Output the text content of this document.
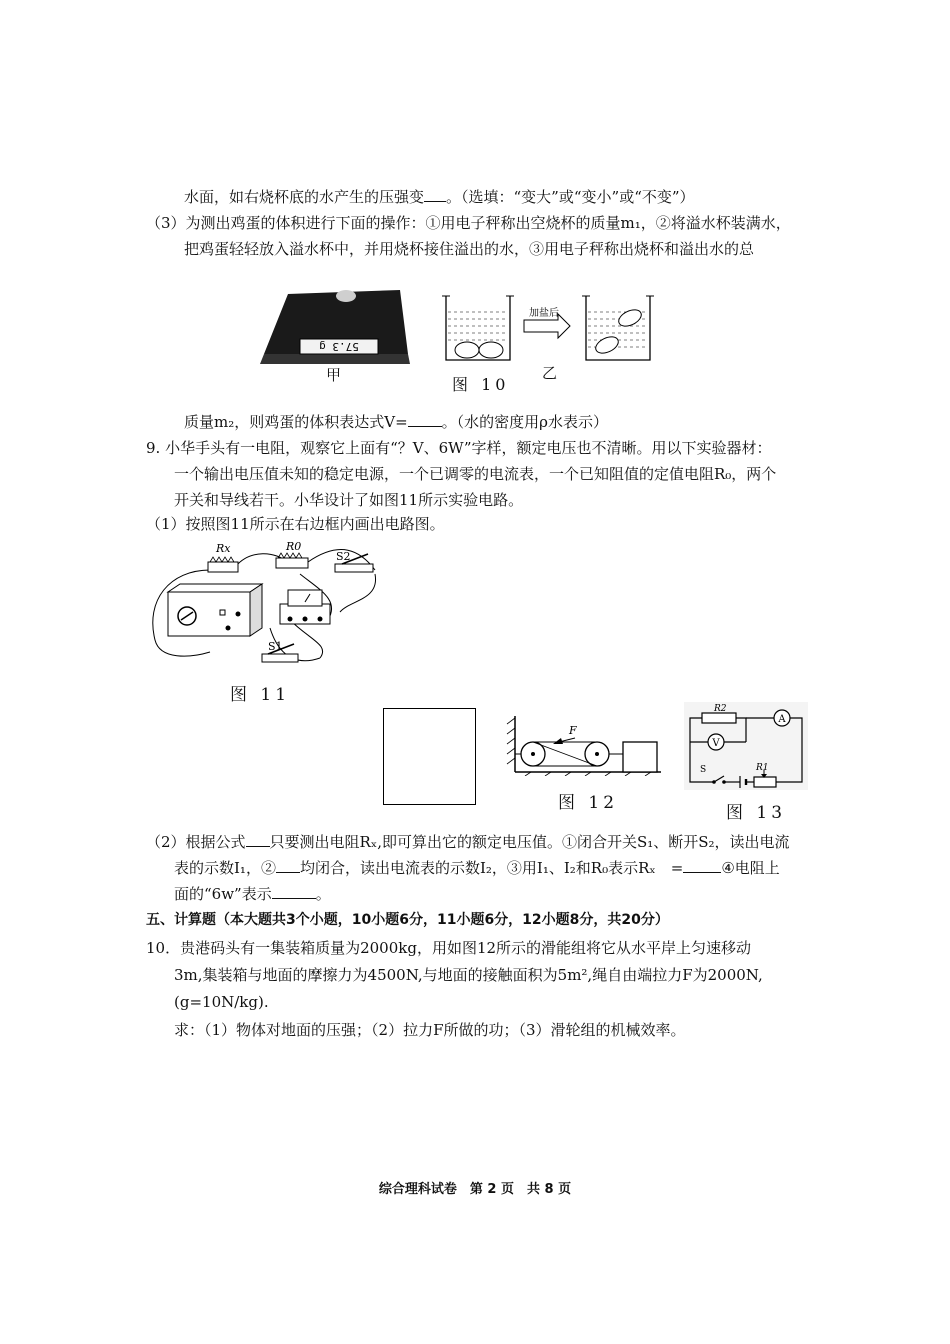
水面，如右烧杯底的水产生的压强变 。（选填：“变大”或“变小”或“不变”）
（3）为测出鸡蛋的体积进行下面的操作：①用电子秤称出空烧杯的质量m₁，②将溢水杯装满水，
把鸡蛋轻轻放入溢水杯中，并用烧杯接住溢出的水，③用电子秤称出烧杯和溢出水的总
57.3 g
加盐后
甲	图 10
乙
质量m₂，则鸡蛋的体积表达式V= 。（水的密度用ρ水表示）
9. 小华手头有一电阻，观察它上面有“？V、6W”字样，额定电压也不清晰。用以下实验器材：
一个输出电压值未知的稳定电源，一个已调零的电流表，一个已知阻值的定值电阻R₀，两个
开关和导线若干。小华设计了如图11所示实验电路。
（1）按照图11所示在右边框内画出电路图。
Rx	R0
S2
S1
图 11
F
图 12
V
A
R2
R1
S
图 13
（2）根据公式 只要测出电阻Rₓ,即可算出它的额定电压值。①闭合开关S₁、断开S₂，读出电流
表的示数I₁，② 均闭合，读出电流表的示数I₂，③用I₁、I₂和R₀表示Rₓ　=	④电阻上
面的“6w”表示	。
五、计算题（本大题共3个小题，10小题6分，11小题6分，12小题8分，共20分）
10．贵港码头有一集装箱质量为2000kg，用如图12所示的滑能组将它从水平岸上匀速移动
3m,集装箱与地面的摩擦力为4500N,与地面的接触面积为5m²,绳自由端拉力F为2000N,
(g=10N/kg).
求：（1）物体对地面的压强；（2）拉力F所做的功；（3）滑轮组的机械效率。
综合理科试卷　第 2 页　共 8 页
